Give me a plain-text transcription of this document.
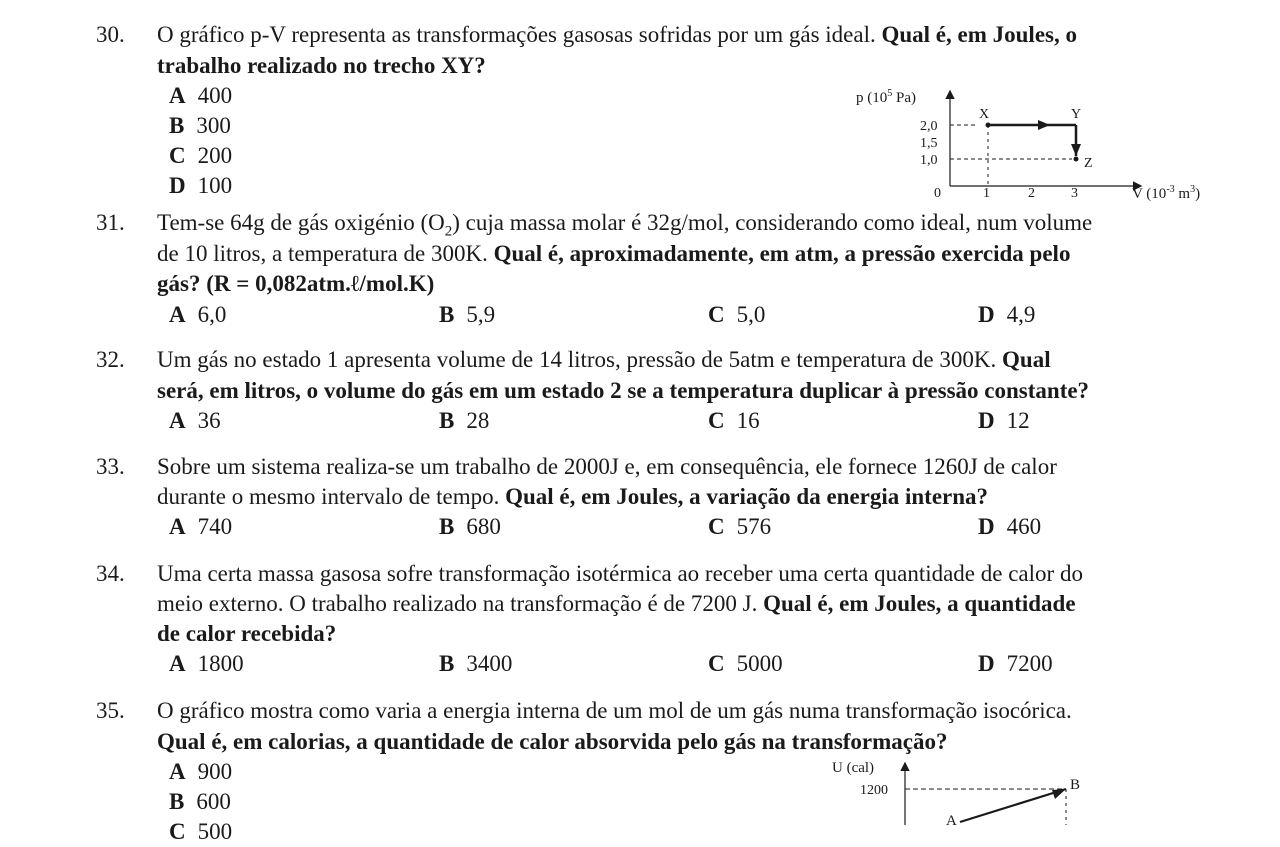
30. O gráfico p-V representa as transformações gasosas sofridas por um gás ideal. Qual é, em Joules, o
trabalho realizado no trecho XY?
A 400
B 300
C 200
D 100
p ($10^5$ Pa)
2,0
1,5
1,0
X	Y
Z
0	1	2	3	V ($10^{-3}$ $m^3$)
31. Tem-se 64g de gás oxigénio $(O_2)$ cuja massa molar é 32g/mol, considerando como ideal, num volume
de 10 litros, a temperatura de 300K. Qual é, aproximadamente, em atm, a pressão exercida pelo
gás? (R = 0,082atm.ℓ/mol.K)
A 6,0	B 5,9	C 5,0	D 4,9
32. Um gás no estado 1 apresenta volume de 14 litros, pressão de 5atm e temperatura de 300K. Qual
será, em litros, o volume do gás em um estado 2 se a temperatura duplicar à pressão constante?
A 36	B 28	C 16	D 12
33. Sobre um sistema realiza-se um trabalho de 2000J e, em consequência, ele fornece 1260J de calor
durante o mesmo intervalo de tempo. Qual é, em Joules, a variação da energia interna?
A 740	B 680	C 576	D 460
34. Uma certa massa gasosa sofre transformação isotérmica ao receber uma certa quantidade de calor do
meio externo. O trabalho realizado na transformação é de 7200 J. Qual é, em Joules, a quantidade
de calor recebida?
A 1800	B 3400	C 5000	D 7200
35. O gráfico mostra como varia a energia interna de um mol de um gás numa transformação isocórica.
Qual é, em calorias, a quantidade de calor absorvida pelo gás na transformação?
A 900
B 600
C 500
U (cal)
1200	B
A
